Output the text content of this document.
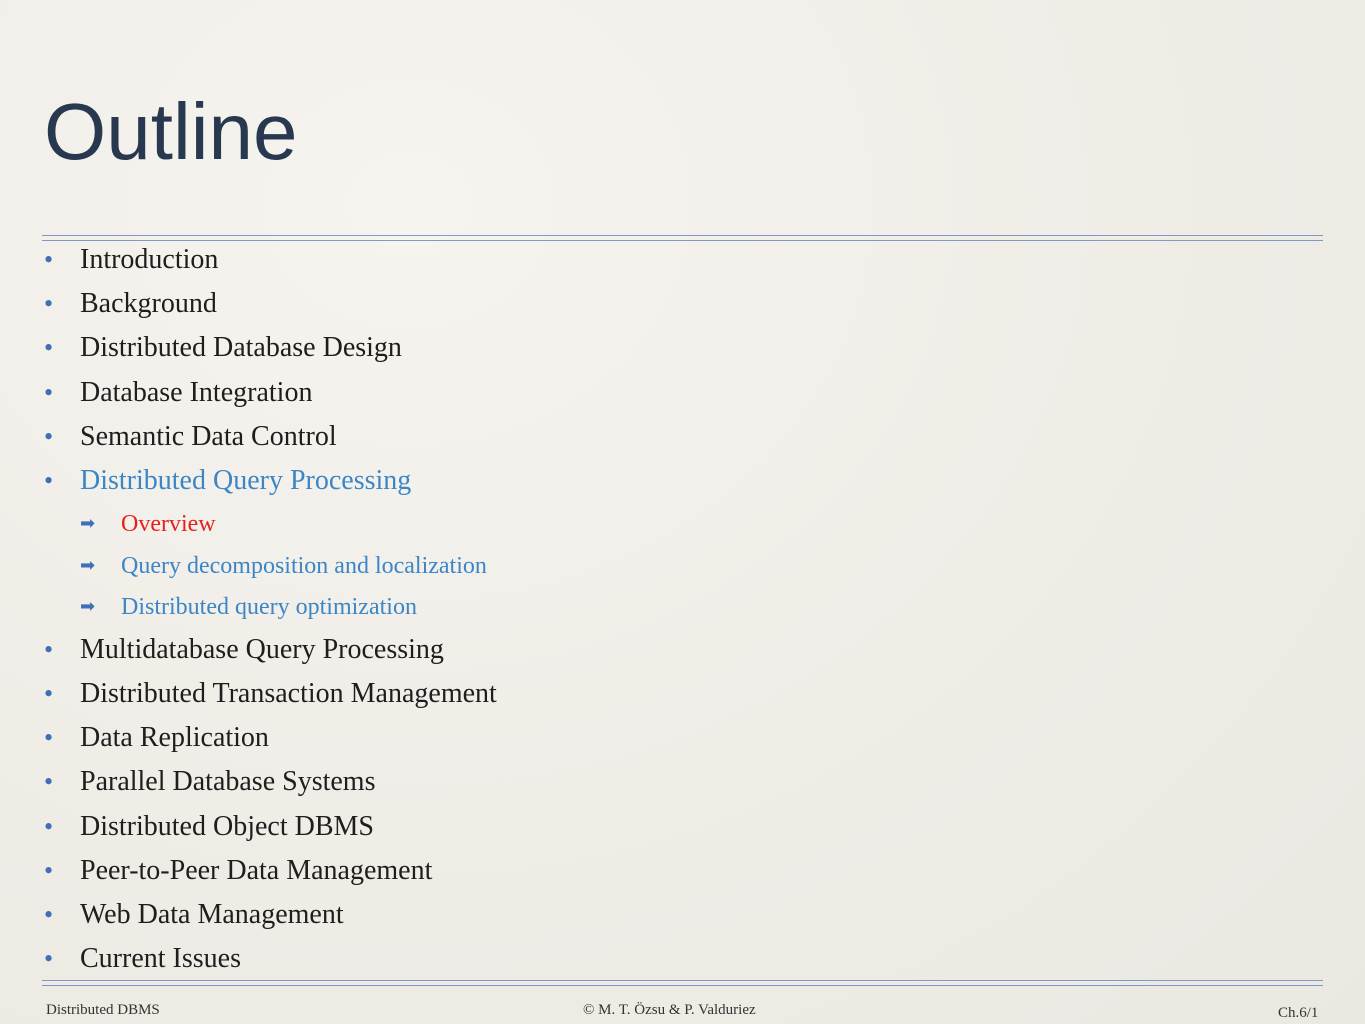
Outline
• Introduction
• Background
• Distributed Database Design
• Database Integration
• Semantic Data Control
• Distributed Query Processing
➡ Overview
➡ Query decomposition and localization
➡ Distributed query optimization
• Multidatabase Query Processing
• Distributed Transaction Management
• Data Replication
• Parallel Database Systems
• Distributed Object DBMS
• Peer-to-Peer Data Management
• Web Data Management
• Current Issues
Distributed DBMS	© M. T. Özsu & P. Valduriez	Ch.6/1
